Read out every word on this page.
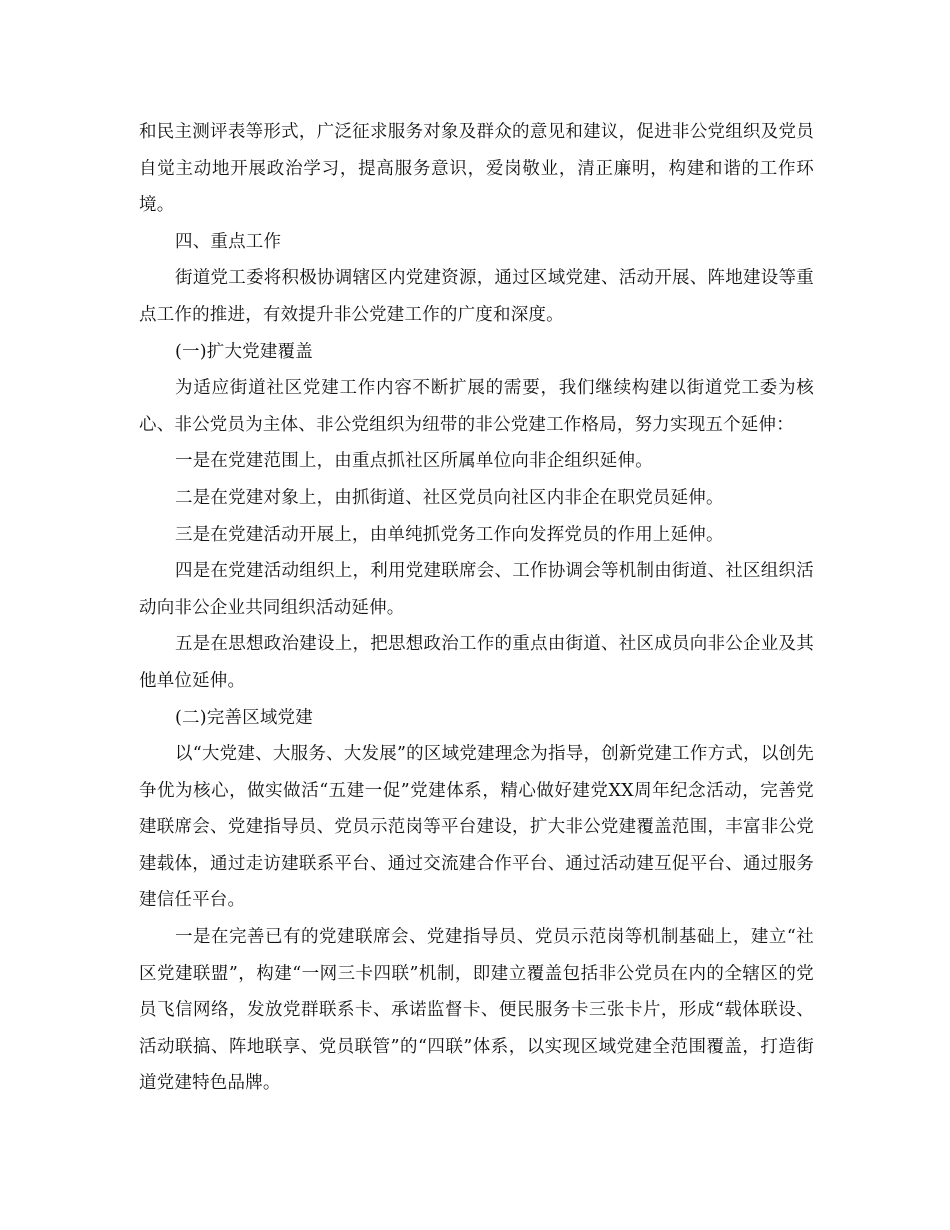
和民主测评表等形式，广泛征求服务对象及群众的意见和建议，促进非公党组织及党员自觉主动地开展政治学习，提高服务意识，爱岗敬业，清正廉明，构建和谐的工作环境。

四、重点工作

街道党工委将积极协调辖区内党建资源，通过区域党建、活动开展、阵地建设等重点工作的推进，有效提升非公党建工作的广度和深度。

(一)扩大党建覆盖

为适应街道社区党建工作内容不断扩展的需要，我们继续构建以街道党工委为核心、非公党员为主体、非公党组织为纽带的非公党建工作格局，努力实现五个延伸：

一是在党建范围上，由重点抓社区所属单位向非企组织延伸。

二是在党建对象上，由抓街道、社区党员向社区内非企在职党员延伸。

三是在党建活动开展上，由单纯抓党务工作向发挥党员的作用上延伸。

四是在党建活动组织上，利用党建联席会、工作协调会等机制由街道、社区组织活动向非公企业共同组织活动延伸。

五是在思想政治建设上，把思想政治工作的重点由街道、社区成员向非公企业及其他单位延伸。

(二)完善区域党建

以“大党建、大服务、大发展”的区域党建理念为指导，创新党建工作方式，以创先争优为核心，做实做活“五建一促”党建体系，精心做好建党XX周年纪念活动，完善党建联席会、党建指导员、党员示范岗等平台建设，扩大非公党建覆盖范围，丰富非公党建载体，通过走访建联系平台、通过交流建合作平台、通过活动建互促平台、通过服务建信任平台。

一是在完善已有的党建联席会、党建指导员、党员示范岗等机制基础上，建立“社区党建联盟”，构建“一网三卡四联”机制，即建立覆盖包括非公党员在内的全辖区的党员飞信网络，发放党群联系卡、承诺监督卡、便民服务卡三张卡片，形成“载体联设、活动联搞、阵地联享、党员联管”的“四联”体系，以实现区域党建全范围覆盖，打造街道党建特色品牌。
